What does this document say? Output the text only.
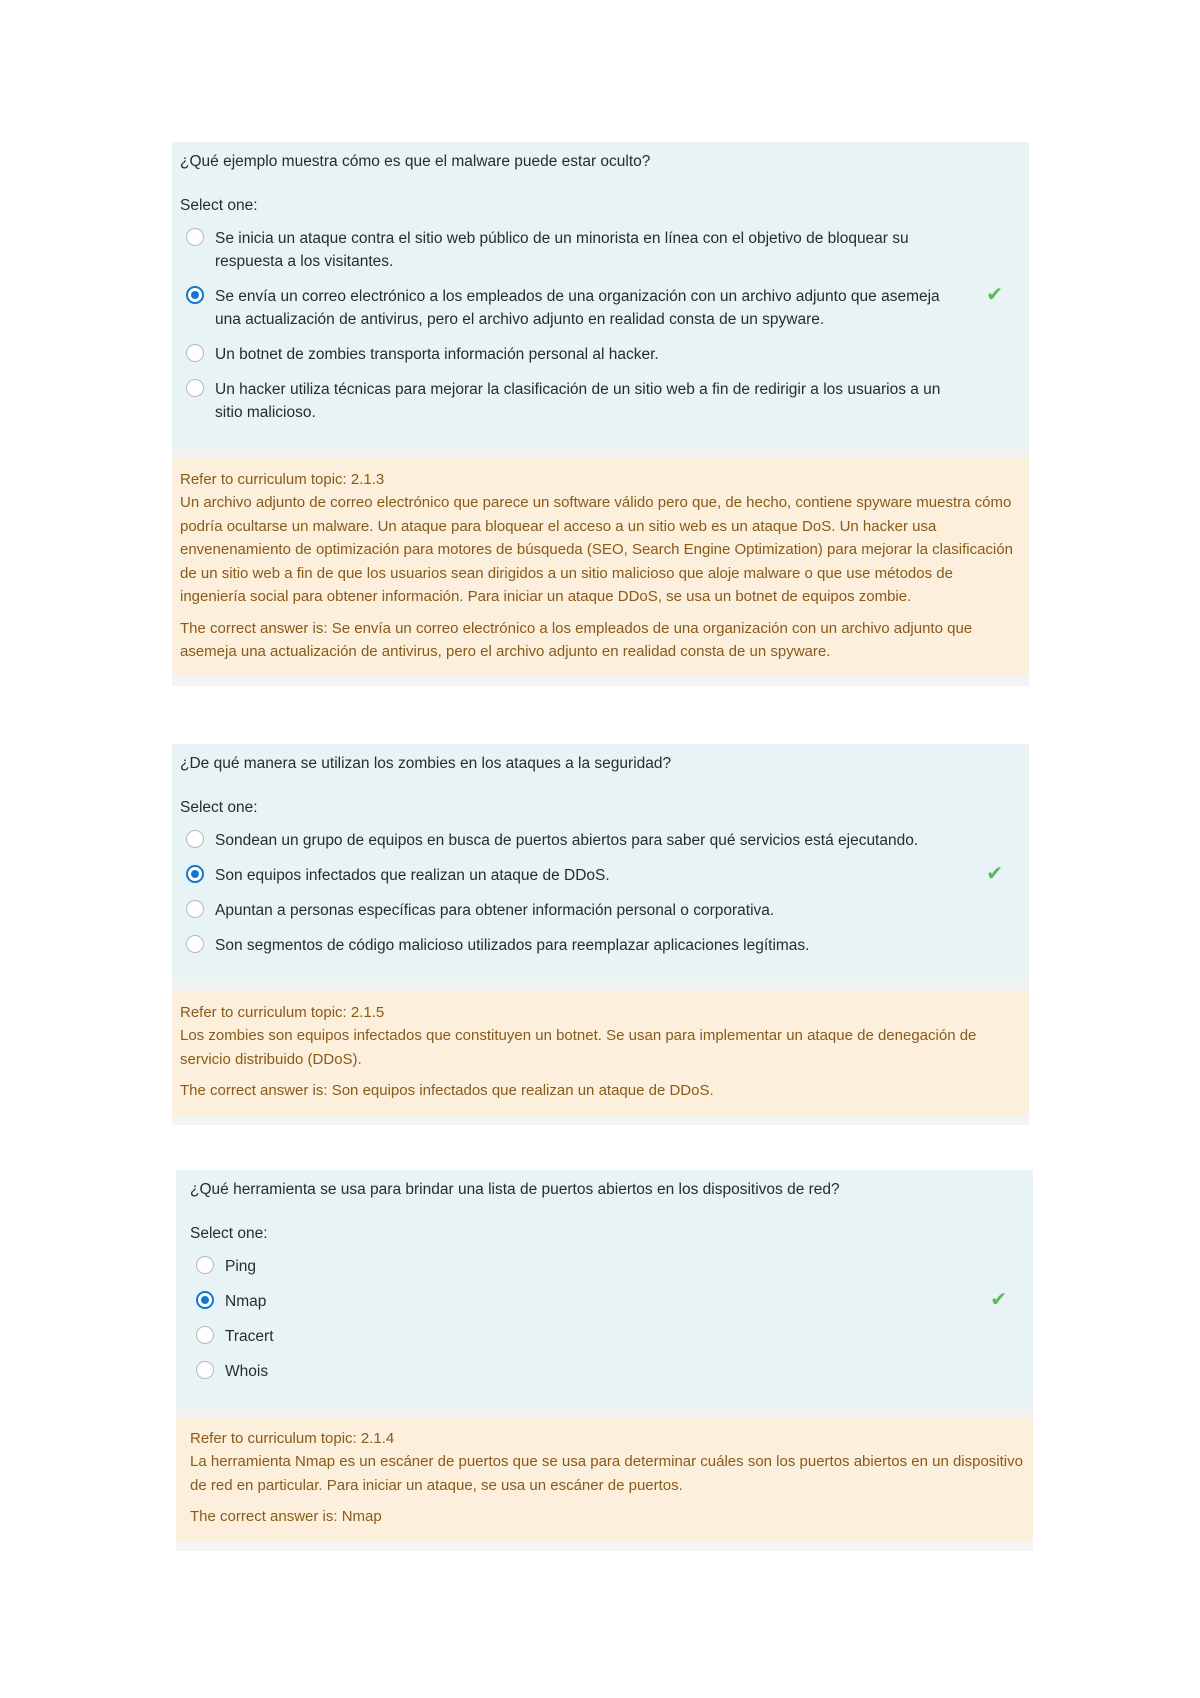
¿Qué ejemplo muestra cómo es que el malware puede estar oculto?
Select one:
Se inicia un ataque contra el sitio web público de un minorista en línea con el objetivo de bloquear su respuesta a los visitantes.
Se envía un correo electrónico a los empleados de una organización con un archivo adjunto que asemeja una actualización de antivirus, pero el archivo adjunto en realidad consta de un spyware.
✔
Un botnet de zombies transporta información personal al hacker.
Un hacker utiliza técnicas para mejorar la clasificación de un sitio web a fin de redirigir a los usuarios a un sitio malicioso.

Refer to curriculum topic: 2.1.3

Un archivo adjunto de correo electrónico que parece un software válido pero que, de hecho, contiene spyware muestra cómo podría ocultarse un malware. Un ataque para bloquear el acceso a un sitio web es un ataque DoS. Un hacker usa envenenamiento de optimización para motores de búsqueda (SEO, Search Engine Optimization) para mejorar la clasificación de un sitio web a fin de que los usuarios sean dirigidos a un sitio malicioso que aloje malware o que use métodos de ingeniería social para obtener información. Para iniciar un ataque DDoS, se usa un botnet de equipos zombie.

The correct answer is: Se envía un correo electrónico a los empleados de una organización con un archivo adjunto que asemeja una actualización de antivirus, pero el archivo adjunto en realidad consta de un spyware.

¿De qué manera se utilizan los zombies en los ataques a la seguridad?
Select one:
Sondean un grupo de equipos en busca de puertos abiertos para saber qué servicios está ejecutando.
Son equipos infectados que realizan un ataque de DDoS.	✔
Apuntan a personas específicas para obtener información personal o corporativa.
Son segmentos de código malicioso utilizados para reemplazar aplicaciones legítimas.

Refer to curriculum topic: 2.1.5

Los zombies son equipos infectados que constituyen un botnet. Se usan para implementar un ataque de denegación de servicio distribuido (DDoS).

The correct answer is: Son equipos infectados que realizan un ataque de DDoS.

¿Qué herramienta se usa para brindar una lista de puertos abiertos en los dispositivos de red?
Select one:
Ping
Nmap	✔
Tracert
Whois

Refer to curriculum topic: 2.1.4

La herramienta Nmap es un escáner de puertos que se usa para determinar cuáles son los puertos abiertos en un dispositivo de red en particular. Para iniciar un ataque, se usa un escáner de puertos.

The correct answer is: Nmap
